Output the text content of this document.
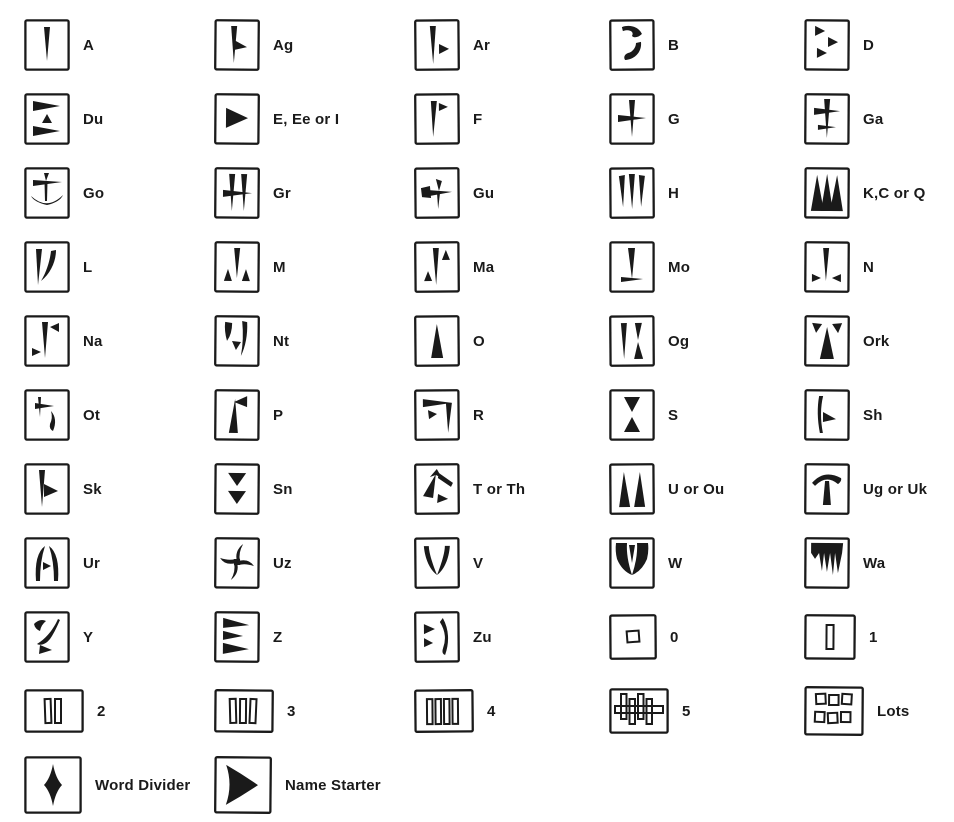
A	Ag	Ar	B	D
Du	E, Ee or I	F	G	Ga
Go	Gr	Gu	H	K,C or Q
L	M	Ma	Mo	N
Na	Nt	O	Og	Ork
Ot	P	R	S	Sh
Sk	Sn	T or Th	U or Ou	Ug or Uk
Ur	Uz	V	W	Wa
Y	Z	Zu	0	1
2	3	4	5	Lots
Word Divider	Name Starter
